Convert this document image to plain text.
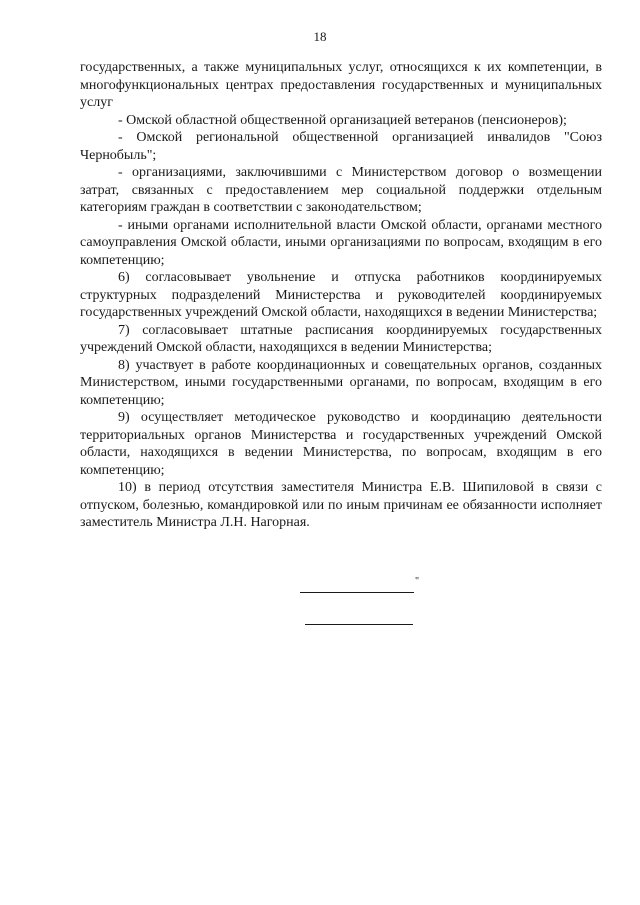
18

государственных, а также муниципальных услуг, относящихся к их компетенции, в многофункциональных центрах предоставления государственных и муниципальных услуг

- Омской областной общественной организацией ветеранов (пенсионеров);

- Омской региональной общественной организацией инвалидов "Союз Чернобыль";

- организациями, заключившими с Министерством договор о возмещении затрат, связанных с предоставлением мер социальной поддержки отдельным категориям граждан в соответствии с законодательством;

- иными органами исполнительной власти Омской области, органами местного самоуправления Омской области, иными организациями по вопросам, входящим в его компетенцию;

6) согласовывает увольнение и отпуска работников координируемых структурных подразделений Министерства и руководителей координируемых государственных учреждений Омской области, находящихся в ведении Министерства;

7) согласовывает штатные расписания координируемых государственных учреждений Омской области, находящихся в ведении Министерства;

8) участвует в работе координационных и совещательных органов, созданных Министерством, иными государственными органами, по вопросам, входящим в его компетенцию;

9) осуществляет методическое руководство и координацию деятельности территориальных органов Министерства и государственных учреждений Омской области, находящихся в ведении Министерства, по вопросам, входящим в его компетенцию;

10) в период отсутствия заместителя Министра Е.В. Шипиловой в связи с отпуском, болезнью, командировкой или по иным причинам ее обязанности исполняет заместитель Министра Л.Н. Нагорная.

"
